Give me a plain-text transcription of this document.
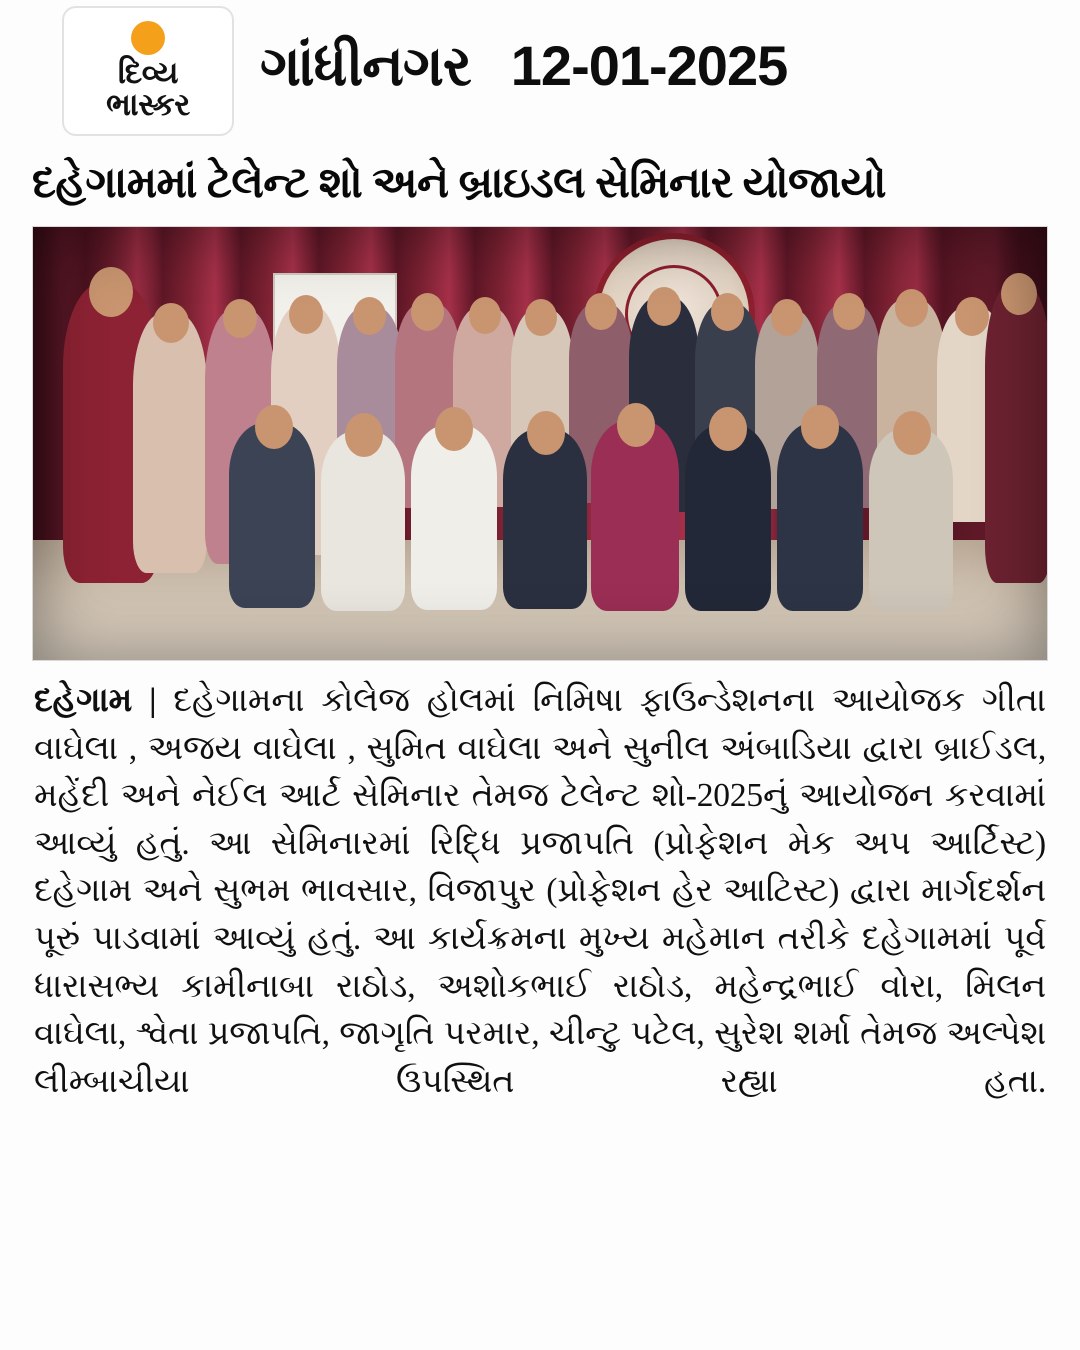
દિવ્ય
ભાસ્કર
ગાંધીનગર 12-01-2025
દહેગામમાં ટેલેન્ટ શો અને બ્રાઇડલ સેમિનાર યોજાયો
દહેગામ | દહેગામના કોલેજ હોલમાં નિમિષા ફાઉન્ડેશનના આયોજક ગીતા વાઘેલા , અજય વાઘેલા , સુમિત વાઘેલા અને સુનીલ અંબાડિયા દ્વારા બ્રાઈડલ, મહેંદી અને નેઈલ આર્ટ સેમિનાર તેમજ ટેલેન્ટ શો-2025નું આયોજન કરવામાં આવ્યું હતું. આ સેમિનારમાં રિદ્ધિ પ્રજાપતિ (પ્રોફેશન મેક અપ આર્ટિસ્ટ) દહેગામ અને સુભમ ભાવસાર, વિજાપુર (પ્રોફેશન હેર આટિસ્ટ) દ્વારા માર્ગદર્શન પૂરું પાડવામાં આવ્યું હતું. આ કાર્યક્રમના મુખ્ય મહેમાન તરીકે દહેગામમાં પૂર્વ ધારાસભ્ય કામીનાબા રાઠોડ, અશોકભાઈ રાઠોડ, મહેન્દ્રભાઈ વોરા, મિલન વાઘેલા, શ્વેતા પ્રજાપતિ, જાગૃતિ પરમાર, ચીન્ટુ પટેલ, સુરેશ શર્મા તેમજ અલ્પેશ લીમ્બાચીયા ઉપસ્થિત રહ્યા હતા.
